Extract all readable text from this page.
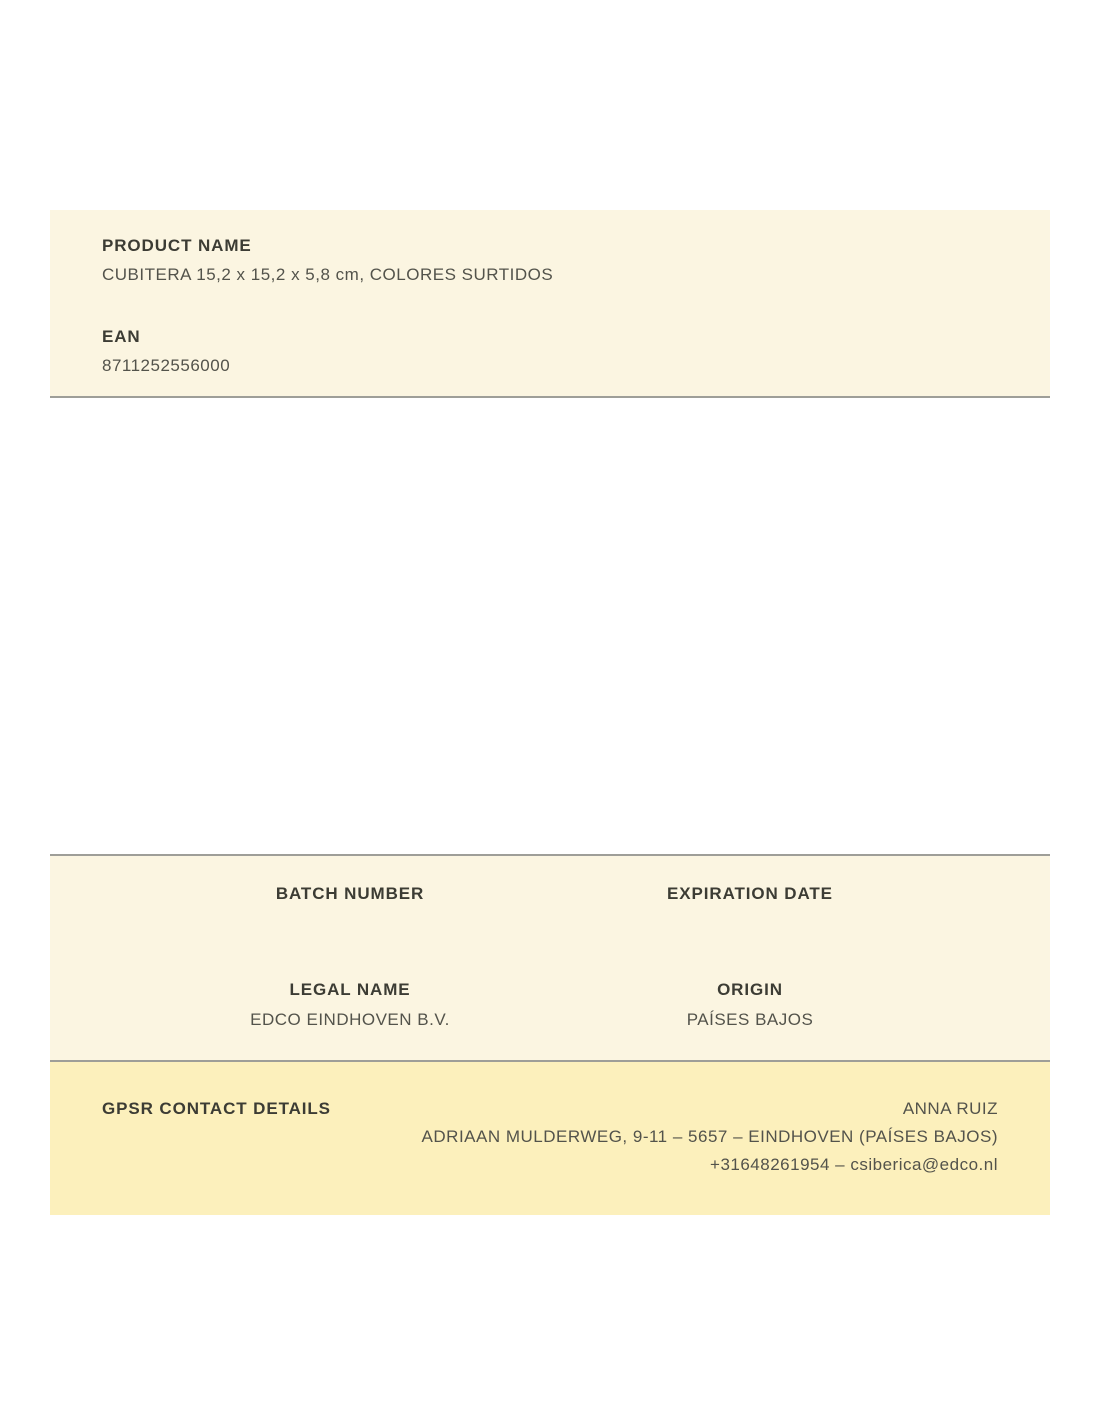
PRODUCT NAME
CUBITERA 15,2 x 15,2 x 5,8 cm, COLORES SURTIDOS
EAN
8711252556000
BATCH NUMBER	EXPIRATION DATE
LEGAL NAME
EDCO EINDHOVEN B.V.
ORIGIN
PAÍSES BAJOS
GPSR CONTACT DETAILS	ANNA RUIZ
ADRIAAN MULDERWEG, 9-11 – 5657 – EINDHOVEN (PAÍSES BAJOS)
+31648261954 – csiberica@edco.nl
